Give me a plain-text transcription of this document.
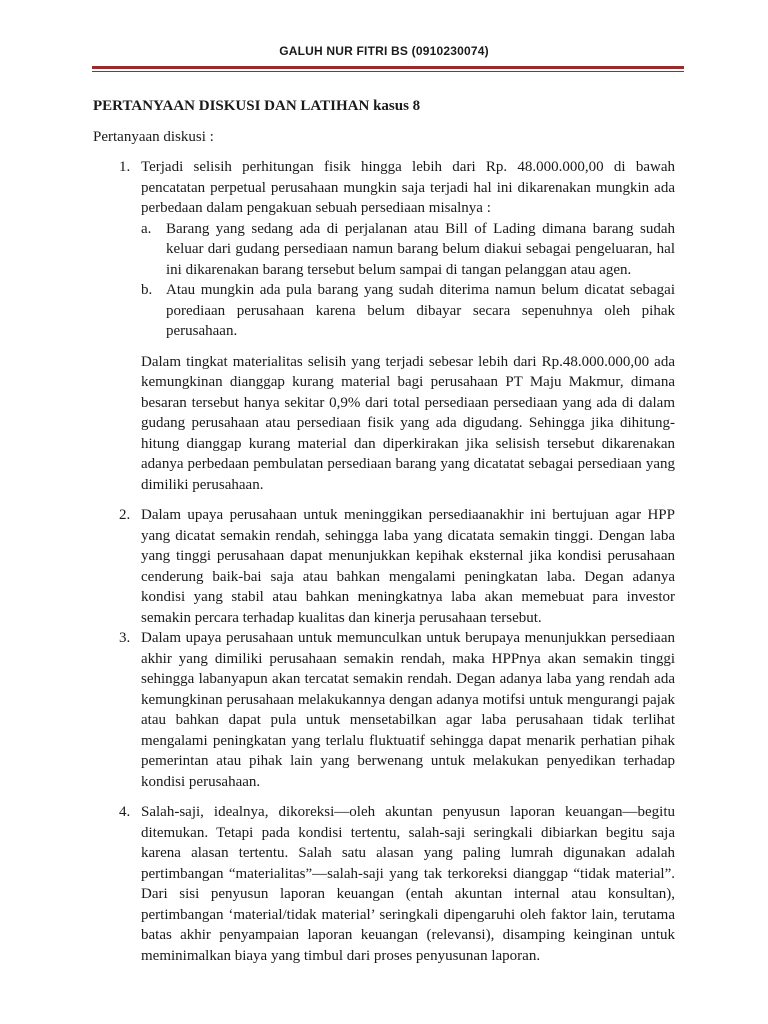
GALUH NUR FITRI BS (0910230074)
PERTANYAAN DISKUSI DAN LATIHAN kasus 8
Pertanyaan diskusi :
1. Terjadi selisih perhitungan fisik hingga lebih dari Rp. 48.000.000,00 di bawah pencatatan perpetual perusahaan mungkin saja terjadi hal ini dikarenakan mungkin ada perbedaan dalam pengakuan sebuah persediaan misalnya :
a. Barang yang sedang ada di perjalanan atau Bill of Lading dimana barang sudah keluar dari gudang persediaan namun barang belum diakui sebagai pengeluaran, hal ini dikarenakan barang tersebut belum sampai di tangan pelanggan atau agen.
b. Atau mungkin ada pula barang yang sudah diterima namun belum dicatat sebagai porediaan perusahaan karena belum dibayar secara sepenuhnya oleh pihak perusahaan.
Dalam tingkat materialitas selisih yang terjadi sebesar lebih dari Rp.48.000.000,00 ada kemungkinan dianggap kurang material bagi perusahaan PT Maju Makmur, dimana besaran tersebut hanya sekitar 0,9% dari total persediaan persediaan yang ada di dalam gudang perusahaan atau persediaan fisik yang ada digudang. Sehingga jika dihitung-hitung dianggap kurang material dan diperkirakan jika selisish tersebut dikarenakan adanya perbedaan pembulatan persediaan barang yang dicatatat sebagai persediaan yang dimiliki perusahaan.
2. Dalam upaya perusahaan untuk meninggikan persediaanakhir ini bertujuan agar HPP yang dicatat semakin rendah, sehingga laba yang dicatata semakin tinggi. Dengan laba yang tinggi perusahaan dapat menunjukkan kepihak eksternal jika kondisi perusahaan cenderung baik-bai saja atau bahkan mengalami peningkatan laba. Degan adanya kondisi yang stabil atau bahkan meningkatnya laba akan memebuat para investor semakin percara terhadap kualitas dan kinerja perusahaan tersebut.
3. Dalam upaya perusahaan untuk memunculkan untuk berupaya menunjukkan persediaan akhir yang dimiliki perusahaan semakin rendah, maka HPPnya akan semakin tinggi sehingga labanyapun akan tercatat semakin rendah. Degan adanya laba yang rendah ada kemungkinan perusahaan melakukannya dengan adanya motifsi untuk mengurangi pajak atau bahkan dapat pula untuk mensetabilkan agar laba perusahaan tidak terlihat mengalami peningkatan yang terlalu fluktuatif sehingga dapat menarik perhatian pihak pemerintan atau pihak lain yang berwenang untuk melakukan penyedikan terhadap kondisi perusahaan.
4. Salah-saji, idealnya, dikoreksi—oleh akuntan penyusun laporan keuangan—begitu ditemukan. Tetapi pada kondisi tertentu, salah-saji seringkali dibiarkan begitu saja karena alasan tertentu. Salah satu alasan yang paling lumrah digunakan adalah pertimbangan “materialitas”—salah-saji yang tak terkoreksi dianggap “tidak material”. Dari sisi penyusun laporan keuangan (entah akuntan internal atau konsultan), pertimbangan ‘material/tidak material’ seringkali dipengaruhi oleh faktor lain, terutama batas akhir penyampaian laporan keuangan (relevansi), disamping keinginan untuk meminimalkan biaya yang timbul dari proses penyusunan laporan.
